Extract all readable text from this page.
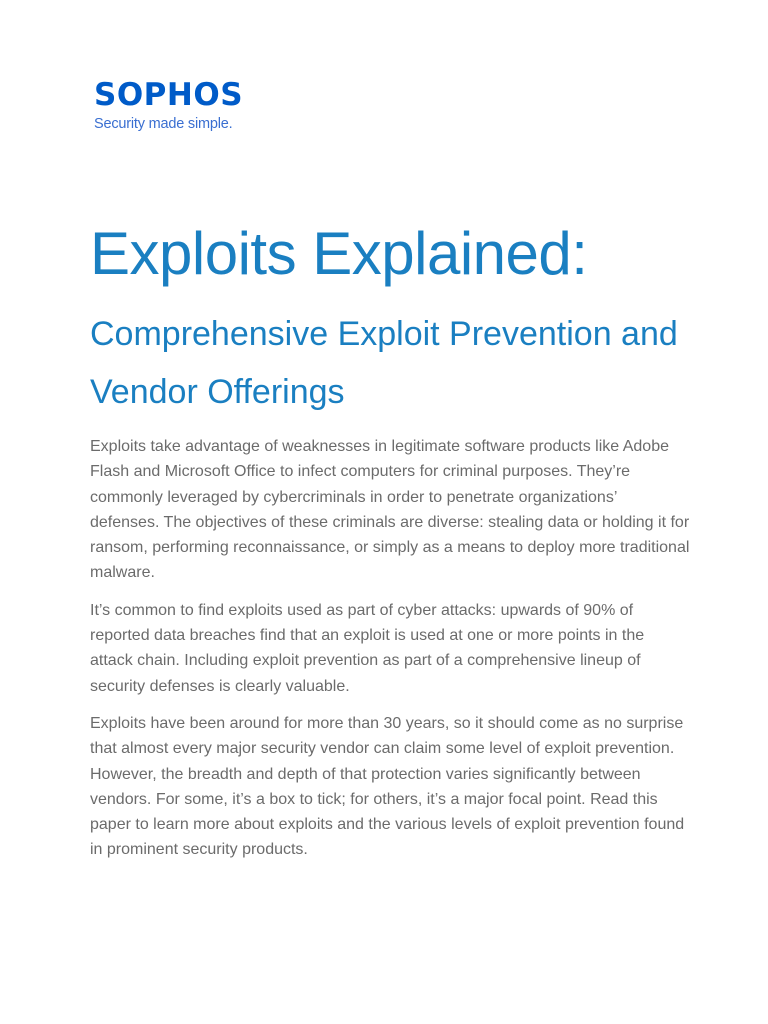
SOPHOS
Security made simple.
Exploits Explained:
Comprehensive Exploit Prevention and Vendor Offerings

Exploits take advantage of weaknesses in legitimate software products like Adobe Flash and Microsoft Office to infect computers for criminal purposes. They’re commonly leveraged by cybercriminals in order to penetrate organizations’ defenses. The objectives of these criminals are diverse: stealing data or holding it for ransom, performing reconnaissance, or simply as a means to deploy more traditional malware.

It’s common to find exploits used as part of cyber attacks: upwards of 90% of reported data breaches find that an exploit is used at one or more points in the attack chain. Including exploit prevention as part of a comprehensive lineup of security defenses is clearly valuable.

Exploits have been around for more than 30 years, so it should come as no surprise that almost every major security vendor can claim some level of exploit prevention. However, the breadth and depth of that protection varies significantly between vendors. For some, it’s a box to tick; for others, it’s a major focal point. Read this paper to learn more about exploits and the various levels of exploit prevention found in prominent security products.
